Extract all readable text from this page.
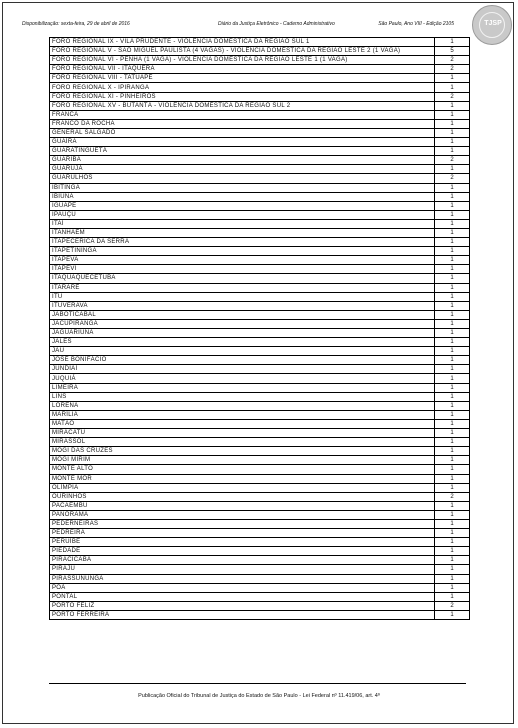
Disponibilização: sexta-feira, 29 de abril de 2016	Diário da Justiça Eletrônico - Caderno Administrativo	São Paulo, Ano VIII - Edição 2105	TJSP
FORO REGIONAL IX - VILA PRUDENTE - VIOLÊNCIA DOMÉSTICA DA REGIÃO SUL 1	1
FORO REGIONAL V - SÃO MIGUEL PAULISTA (4 VAGAS) - VIOLÊNCIA DOMÉSTICA DA REGIÃO LESTE 2 (1 VAGA)	5
FORO REGIONAL VI - PENHA (1 VAGA) - VIOLÊNCIA DOMÉSTICA DA REGIÃO LESTE 1 (1 VAGA)	2
FORO REGIONAL VII - ITAQUERA	2
FORO REGIONAL VIII - TATUAPÉ	1
FORO REGIONAL X - IPIRANGA	1
FORO REGIONAL XI - PINHEIROS	2
FORO REGIONAL XV - BUTANTÃ - VIOLÊNCIA DOMÉSTICA DA REGIÃO SUL 2	1
FRANCA	1
FRANCO DA ROCHA	1
GENERAL SALGADO	1
GUAÍRA	1
GUARATINGUETÁ	1
GUARIBA	2
GUARUJÁ	1
GUARULHOS	2
IBITINGA	1
IBIÚNA	1
IGUAPE	1
IPAUÇU	1
ITAÍ	1
ITANHAÉM	1
ITAPECERICA DA SERRA	1
ITAPETININGA	1
ITAPEVA	1
ITAPEVI	1
ITAQUAQUECETUBA	1
ITARARÉ	1
ITU	1
ITUVERAVA	1
JABOTICABAL	1
JACUPIRANGA	1
JAGUARIÚNA	1
JALES	1
JAÚ	1
JOSÉ BONIFÁCIO	1
JUNDIAÍ	1
JUQUIÁ	1
LIMEIRA	1
LINS	1
LORENA	1
MARÍLIA	1
MATÃO	1
MIRACATU	1
MIRASSOL	1
MOGI DAS CRUZES	1
MOGI MIRIM	1
MONTE ALTO	1
MONTE MOR	1
OLÍMPIA	1
OURINHOS	2
PACAEMBU	1
PANORAMA	1
PEDERNEIRAS	1
PEDREIRA	1
PERUÍBE	1
PIEDADE	1
PIRACICABA	1
PIRAJU	1
PIRASSUNUNGA	1
POÁ	1
PONTAL	1
PORTO FELIZ	2
PORTO FERREIRA	1
Publicação Oficial do Tribunal de Justiça do Estado de São Paulo - Lei Federal nº 11.419/06, art. 4º
